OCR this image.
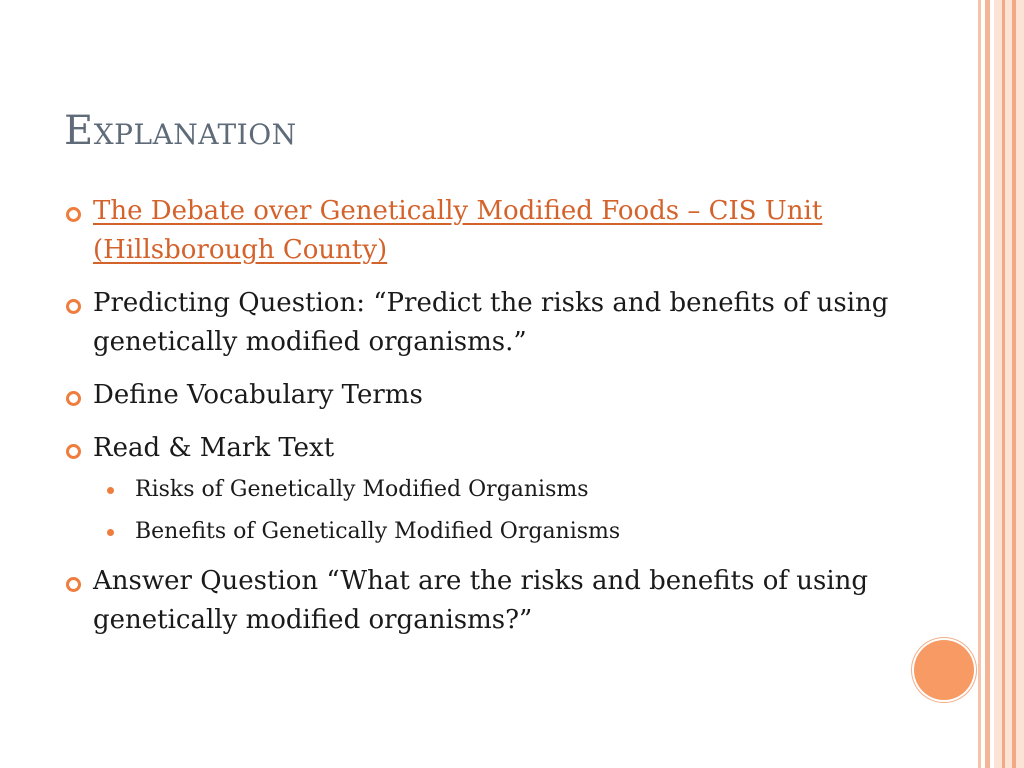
Explanation
The Debate over Genetically Modified Foods – CIS Unit (Hillsborough County)
Predicting Question: “Predict the risks and benefits of using genetically modified organisms.”
Define Vocabulary Terms
Read & Mark Text
Risks of Genetically Modified Organisms
Benefits of Genetically Modified Organisms
Answer Question “What are the risks and benefits of using genetically modified organisms?”
